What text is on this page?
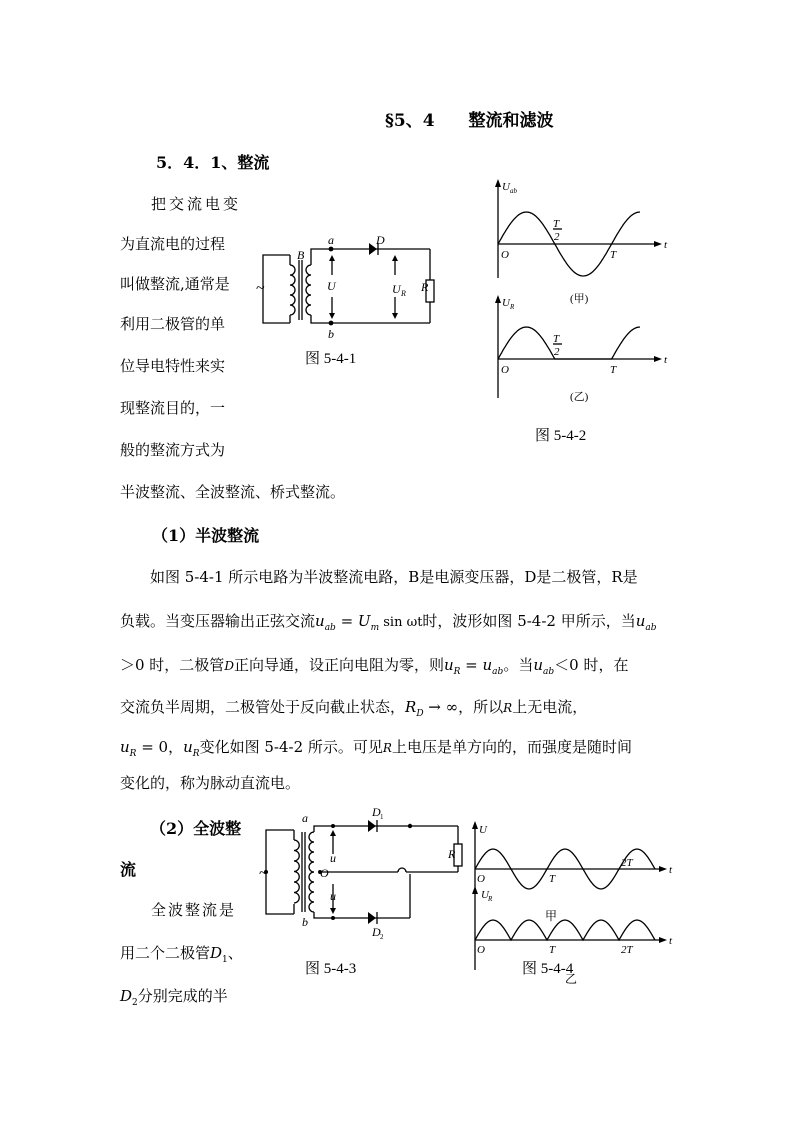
§5、4　　整流和滤波
5．4．1、整流
把交流电变
为直流电的过程
叫做整流,通常是
利用二极管的单
位导电特性来实
现整流目的，一
般的整流方式为
半波整流、全波整流、桥式整流。
B
a
b
D
U	U R R
~
图 5-4-1
U ab
T
2
O	T
t
(甲)
U R
T
2
O	T
t
(乙)
图 5-4-2
（1）半波整流
如图 5-4-1 所示电路为半波整流电路，B是电源变压器，D是二极管，R是
负载。当变压器输出正弦交流$u_{ab} = U_m$ sin ωt时，波形如图 5-4-2 甲所示，当$u_{ab}$
＞0 时，二极管D正向导通，设正向电阻为零，则$u_R = u_{ab}$。当$u_{ab}<0$ 时，在
交流负半周期，二极管处于反向截止状态，$R_D$ → ∞，所以R上无电流，
$u_R = 0$，$u_R$变化如图 5-4-2 所示。可见R上电压是单方向的，而强度是随时间
变化的，称为脉动直流电。
（2）全波整
流
全波整流是
用二个二极管$D_1$、
$D_2$分别完成的半
a
b
O
u
u
D 1
D 2
R
~
图 5-4-3
U
O	T
2T
t
U R
甲
O	T	2T
t
乙
图 5-4-4
